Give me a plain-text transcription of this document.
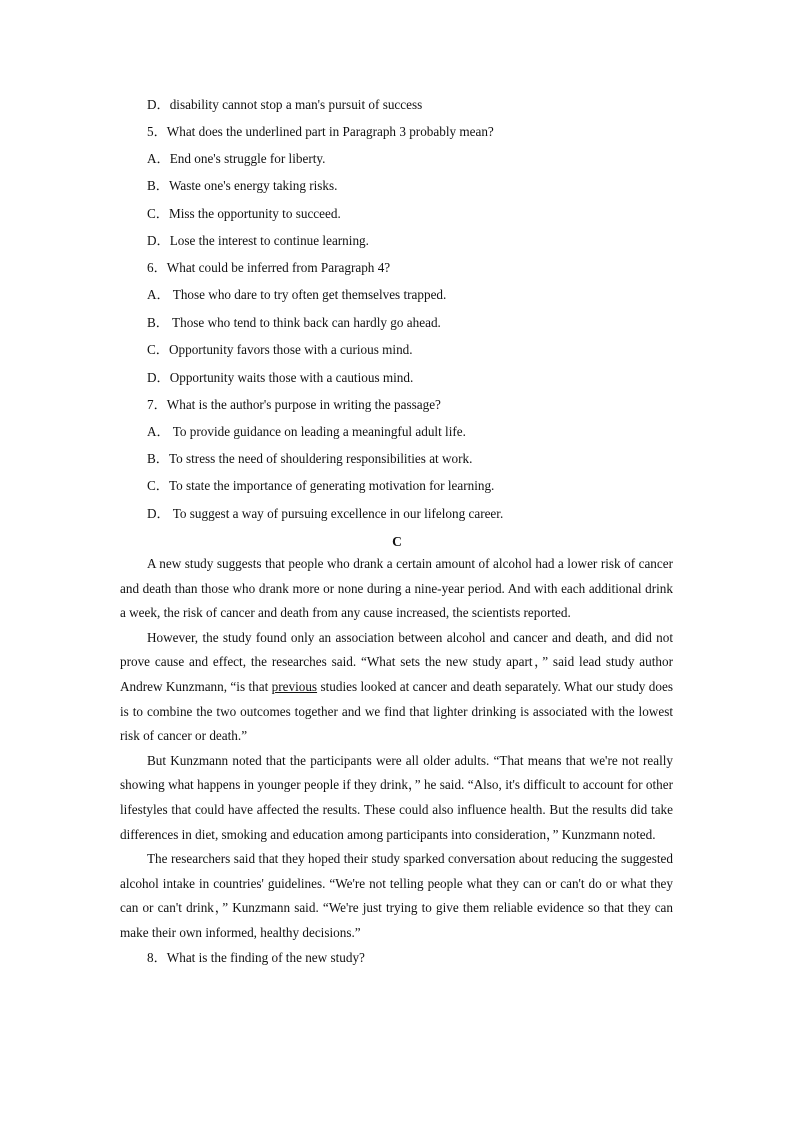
D．disability cannot stop a man's pursuit of success
5．What does the underlined part in Paragraph 3 probably mean?
A．End one's struggle for liberty.
B．Waste one's energy taking risks.
C．Miss the opportunity to succeed.
D．Lose the interest to continue learning.
6．What could be inferred from Paragraph 4?
A． Those who dare to try often get themselves trapped.
B． Those who tend to think back can hardly go ahead.
C．Opportunity favors those with a curious mind.
D．Opportunity waits those with a cautious mind.
7．What is the author's purpose in writing the passage?
A． To provide guidance on leading a meaningful adult life.
B．To stress the need of shouldering responsibilities at work.
C．To state the importance of generating motivation for learning.
D． To suggest a way of pursuing excellence in our lifelong career.
C

A new study suggests that people who drank a certain amount of alcohol had a lower risk of cancer and death than those who drank more or none during a nine-year period. And with each additional drink a week, the risk of cancer and death from any cause increased, the scientists reported.

However, the study found only an association between alcohol and cancer and death, and did not prove cause and effect, the researches said. “What sets the new study apart，” said lead study author Andrew Kunzmann, “is that previous studies looked at cancer and death separately. What our study does is to combine the two outcomes together and we find that lighter drinking is associated with the lowest risk of cancer or death.”

But Kunzmann noted that the participants were all older adults. “That means that we're not really showing what happens in younger people if they drink，” he said. “Also, it's difficult to account for other lifestyles that could have affected the results. These could also influence health. But the results did take differences in diet, smoking and education among participants into consideration，” Kunzmann noted.

The researchers said that they hoped their study sparked conversation about reducing the suggested alcohol intake in countries' guidelines. “We're not telling people what they can or can't do or what they can or can't drink，” Kunzmann said. “We're just trying to give them reliable evidence so that they can make their own informed, healthy decisions.”

8．What is the finding of the new study?
